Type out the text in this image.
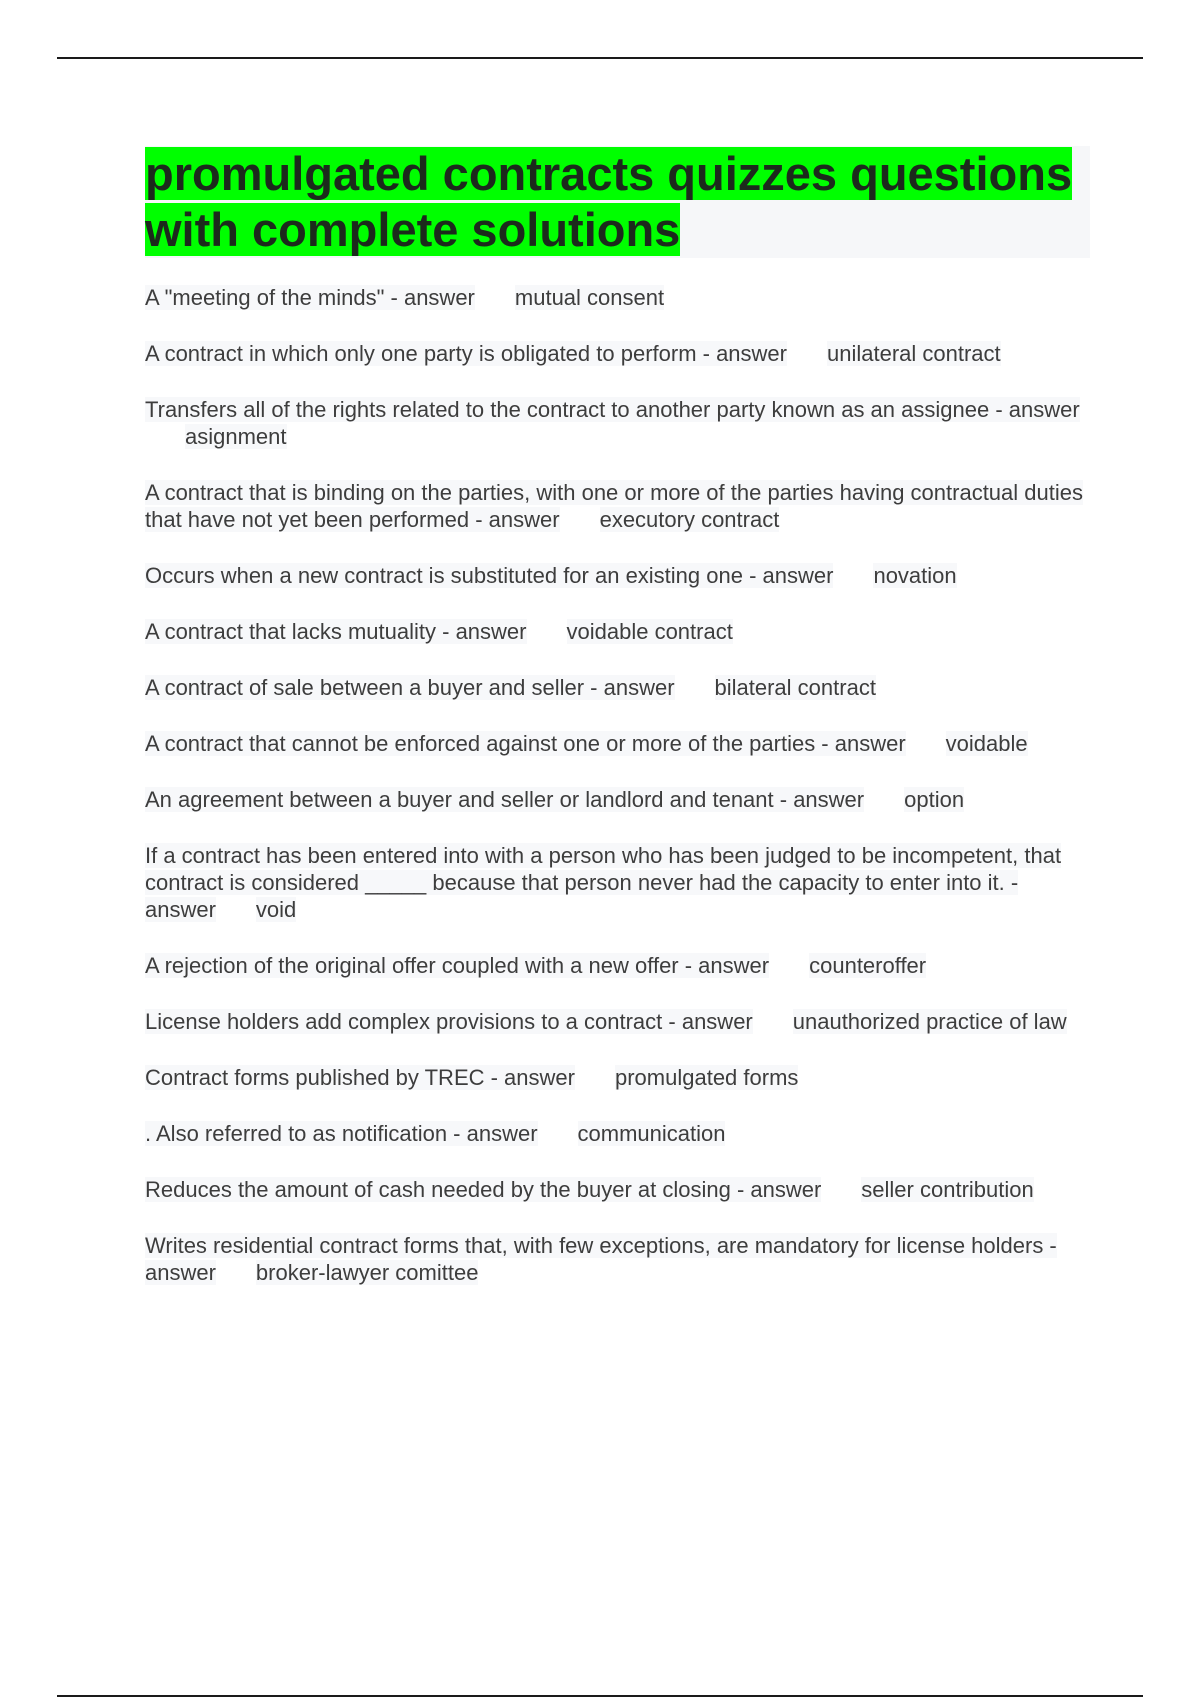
promulgated contracts quizzes questions with complete solutions
A "meeting of the minds" - answer mutual consent
A contract in which only one party is obligated to perform - answer unilateral contract
Transfers all of the rights related to the contract to another party known as an assignee - answerasignment
A contract that is binding on the parties, with one or more of the parties having contractual duties that have not yet been performed - answer executory contract
Occurs when a new contract is substituted for an existing one - answer novation
A contract that lacks mutuality - answer voidable contract
A contract of sale between a buyer and seller - answer bilateral contract
A contract that cannot be enforced against one or more of the parties - answer voidable
An agreement between a buyer and seller or landlord and tenant - answer option
If a contract has been entered into with a person who has been judged to be incompetent, that contract is considered _____ because that person never had the capacity to enter into it. - answer void
A rejection of the original offer coupled with a new offer - answer counteroffer
License holders add complex provisions to a contract - answer unauthorized practice of law
Contract forms published by TREC - answer promulgated forms
. Also referred to as notification - answer communication
Reduces the amount of cash needed by the buyer at closing - answer seller contribution
Writes residential contract forms that, with few exceptions, are mandatory for license holders - answer broker-lawyer comittee
